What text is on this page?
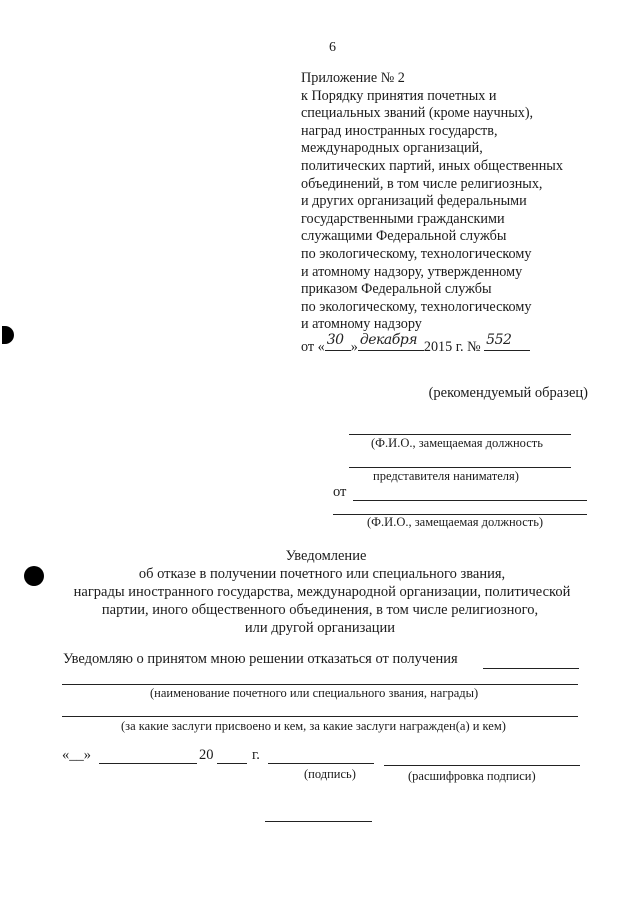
6
Приложение № 2
к Порядку принятия почетных и
специальных званий (кроме научных),
наград иностранных государств,
международных организаций,
политических партий, иных общественных
объединений, в том числе религиозных,
и других организаций федеральными
государственными гражданскими
служащими Федеральной службы
по экологическому, технологическому
и атомному надзору, утвержденному
приказом Федеральной службы
по экологическому, технологическому
и атомному надзору
от « 30 » декабря 2015 г. № 552
(рекомендуемый образец)
(Ф.И.О., замещаемая должность
представителя нанимателя)
от
(Ф.И.О., замещаемая должность)
Уведомление
об отказе в получении почетного или специального звания,
награды иностранного государства, международной организации, политической
партии, иного общественного объединения, в том числе религиозного,
или другой организации
Уведомляю о принятом мною решении отказаться от получения
(наименование почетного или специального звания, награды)
(за какие заслуги присвоено и кем, за какие заслуги награжден(а) и кем)
«__»	20	г.
(подпись)	(расшифровка подписи)
